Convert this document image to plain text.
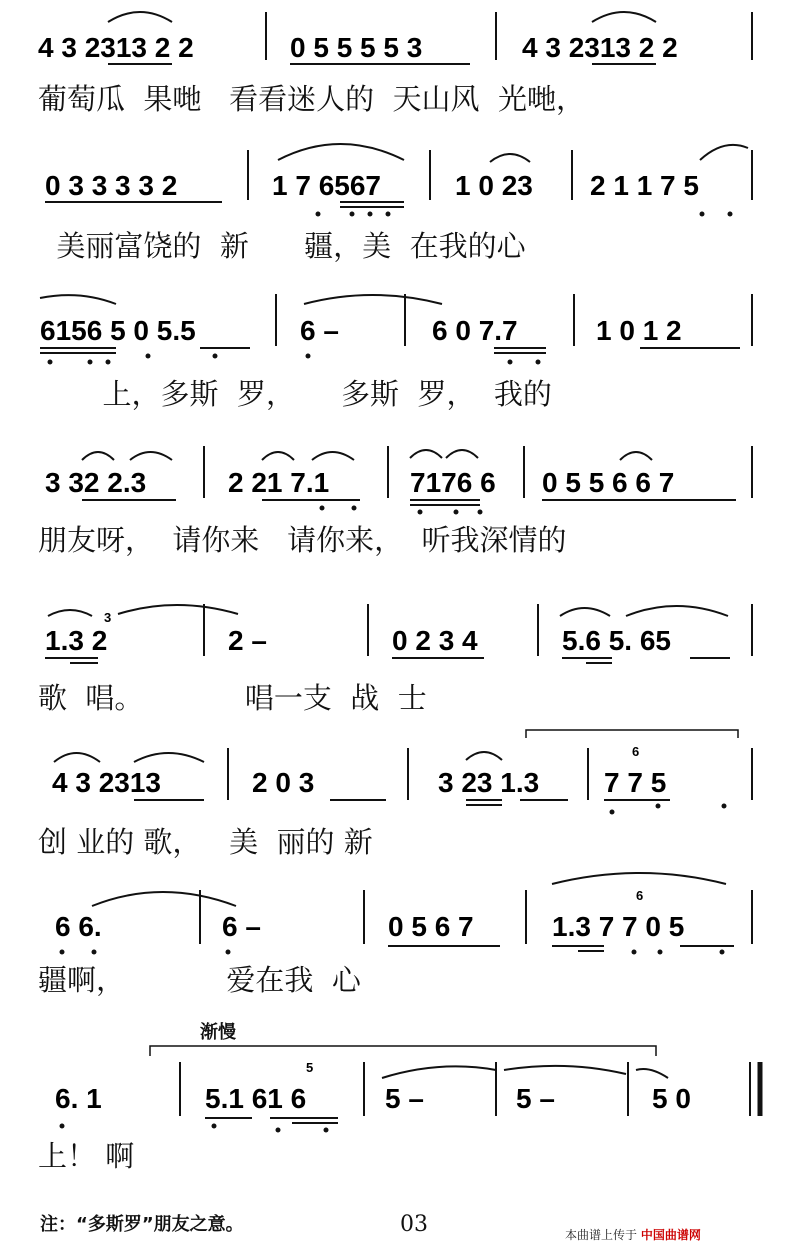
4 3 2313 2 2	0 5 5 5 5 3	4 3 2313 2 2
0 3 3 3 3 2	1 7 6567	1 0 23 2 1 1 7 5
6156 5 0 5.5	6 –	6 0 7.7	1 0 1 2
3 32 2.3	2 21 7.1	7176 6 0 5 5 6 6 7
1.3 2	2 –	0 2 3 4	5.6 5. 65
3
4 3 2313	2 0 3	3 23 1.3 7 7 5
6
6 6.	6 –	0 5 6 7	1.3 7 7 0 5
6
6. 1	5.1 61 6	5 –	5 –	5 0
5
葡萄瓜  果哋   看看迷人的  天山风  光哋，
美丽富饶的  新      疆，美  在我的心
上，多斯  罗，     多斯  罗，  我的
朋友呀，  请你来   请你来，  听我深情的
歌  唱。           唱一支  战  士
创 业的 歌，   美  丽的 新
疆啊，           爱在我  心
上！ 啊
渐慢
注：“多斯罗”朋友之意。	03	本曲谱上传于 中国曲谱网
